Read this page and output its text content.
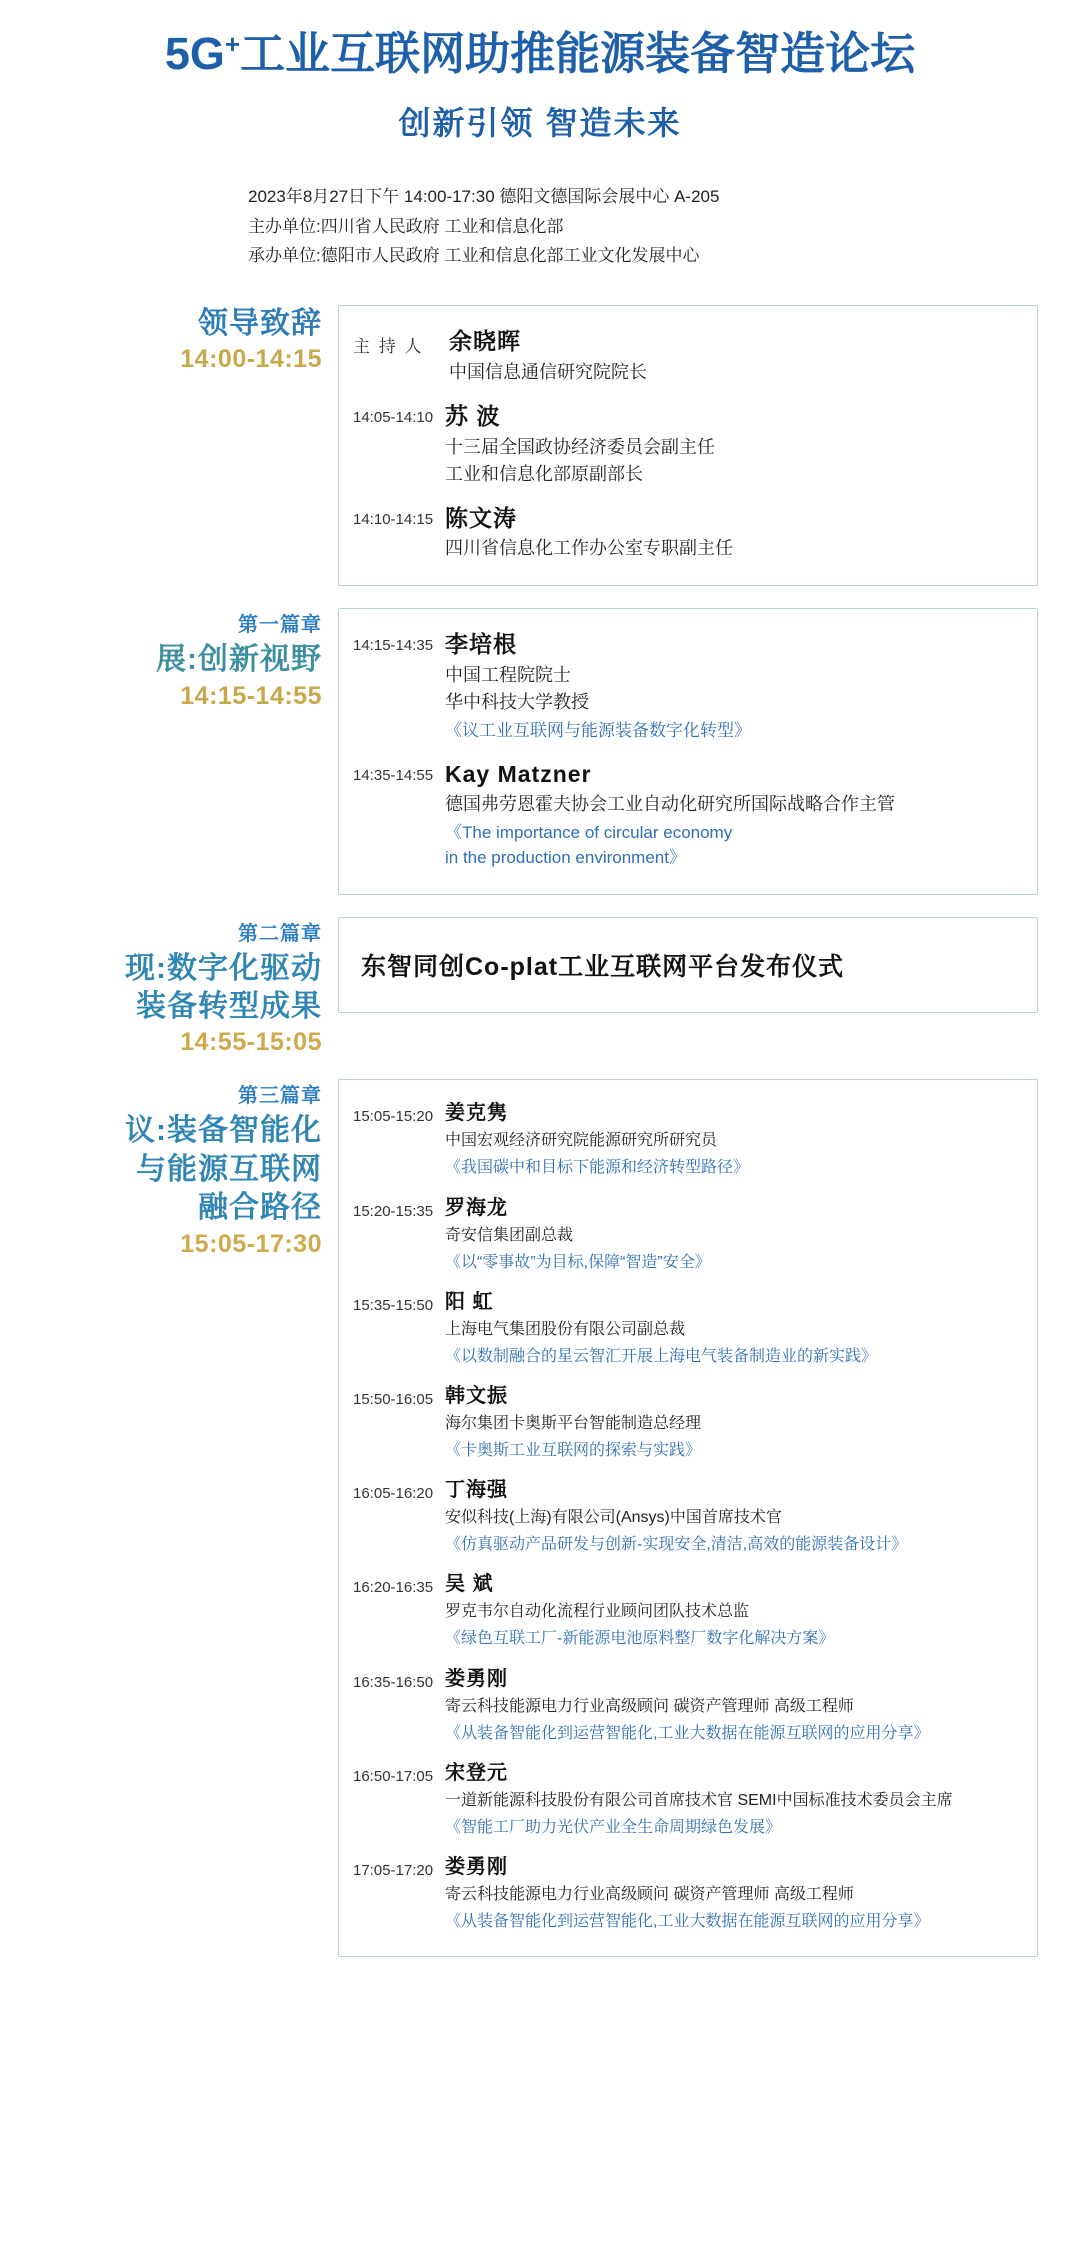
5G+工业互联网助推能源装备智造论坛
创新引领 智造未来
2023年8月27日下午 14:00-17:30 德阳文德国际会展中心 A-205
主办单位:四川省人民政府 工业和信息化部
承办单位:德阳市人民政府 工业和信息化部工业文化发展中心
领导致辞
14:00-14:15 主 持 人	余晓晖
中国信息通信研究院院长
14:05-14:10 苏 波
十三届全国政协经济委员会副主任
工业和信息化部原副部长
14:10-14:15 陈文涛
四川省信息化工作办公室专职副主任
第一篇章
展:创新视野
14:15-14:55
14:15-14:35 李培根
中国工程院院士
华中科技大学教授
《议工业互联网与能源装备数字化转型》
14:35-14:55 Kay Matzner
德国弗劳恩霍夫协会工业自动化研究所国际战略合作主管
《The importance of circular economy
in the production environment》
第二篇章
现:数字化驱动
装备转型成果
14:55-15:05
东智同创Co-plat工业互联网平台发布仪式
第三篇章
议:装备智能化
与能源互联网
融合路径
15:05-17:30
15:05-15:20 姜克隽
中国宏观经济研究院能源研究所研究员
《我国碳中和目标下能源和经济转型路径》
15:20-15:35 罗海龙
奇安信集团副总裁
《以“零事故”为目标,保障“智造”安全》
15:35-15:50 阳 虹
上海电气集团股份有限公司副总裁
《以数制融合的星云智汇开展上海电气装备制造业的新实践》
15:50-16:05 韩文振
海尔集团卡奥斯平台智能制造总经理
《卡奥斯工业互联网的探索与实践》
16:05-16:20 丁海强
安似科技(上海)有限公司(Ansys)中国首席技术官
《仿真驱动产品研发与创新-实现安全,清洁,高效的能源装备设计》
16:20-16:35 吴 斌
罗克韦尔自动化流程行业顾问团队技术总监
《绿色互联工厂-新能源电池原料整厂数字化解决方案》
16:35-16:50 娄勇刚
寄云科技能源电力行业高级顾问 碳资产管理师 高级工程师
《从装备智能化到运营智能化,工业大数据在能源互联网的应用分享》
16:50-17:05 宋登元
一道新能源科技股份有限公司首席技术官 SEMI中国标准技术委员会主席
《智能工厂助力光伏产业全生命周期绿色发展》
17:05-17:20 娄勇刚
寄云科技能源电力行业高级顾问 碳资产管理师 高级工程师
《从装备智能化到运营智能化,工业大数据在能源互联网的应用分享》
